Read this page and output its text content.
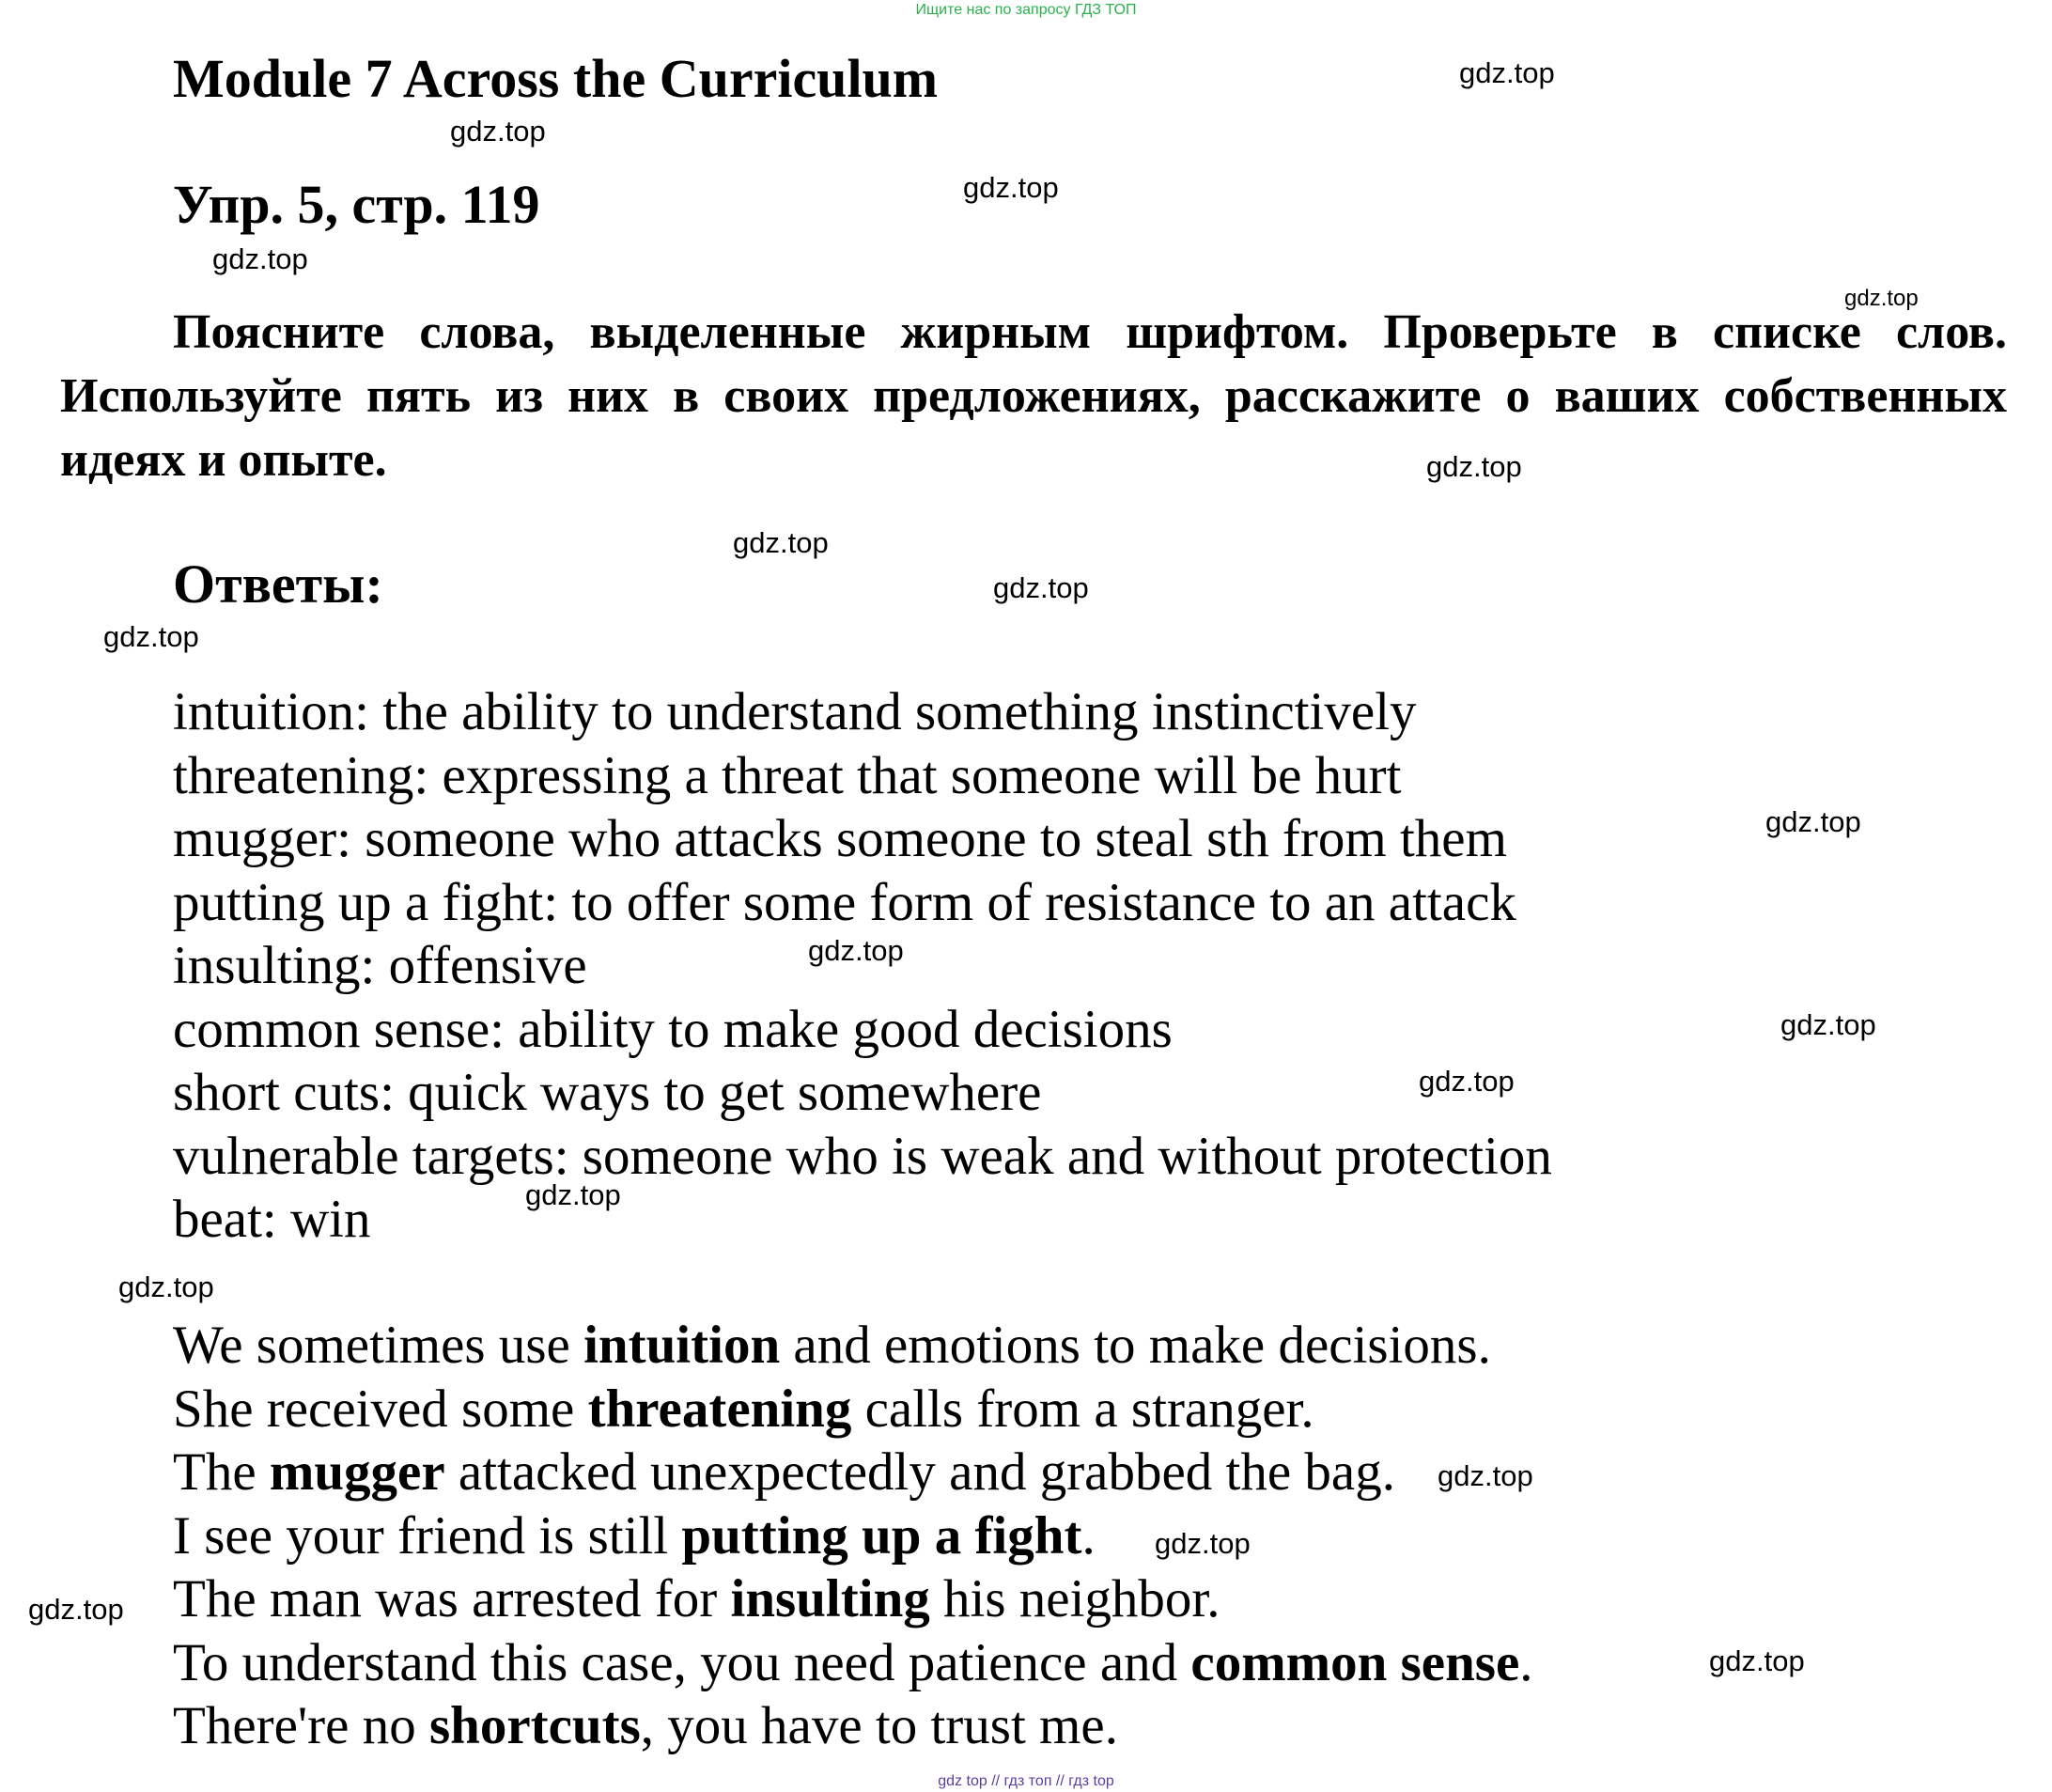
Ищите нас по запросу ГДЗ ТОП
Module 7 Across the Curriculum
Упр. 5, стр. 119

Поясните слова, выделенные жирным шрифтом. Проверьте в списке слов. Используйте пять из них в своих предложениях, расскажите о ваших собственных идеях и опыте.

Ответы:
intuition: the ability to understand something instinctively
threatening: expressing a threat that someone will be hurt
mugger: someone who attacks someone to steal sth from them
putting up a fight: to offer some form of resistance to an attack
insulting: offensive
common sense: ability to make good decisions
short cuts: quick ways to get somewhere
vulnerable targets: someone who is weak and without protection
beat: win
We sometimes use intuition and emotions to make decisions.
She received some threatening calls from a stranger.
The mugger attacked unexpectedly and grabbed the bag.
I see your friend is still putting up a fight.
The man was arrested for insulting his neighbor.
To understand this case, you need patience and common sense.
There're no shortcuts, you have to trust me.
gdz.top
gdz.top
gdz.top
gdz.top
gdz.top
gdz.top
gdz.top
gdz.top
gdz.top
gdz.top
gdz.top
gdz.top
gdz.top
gdz.top
gdz.top
gdz.top
gdz.top
gdz.top
gdz.top
gdz top // гдз топ // гдз top
